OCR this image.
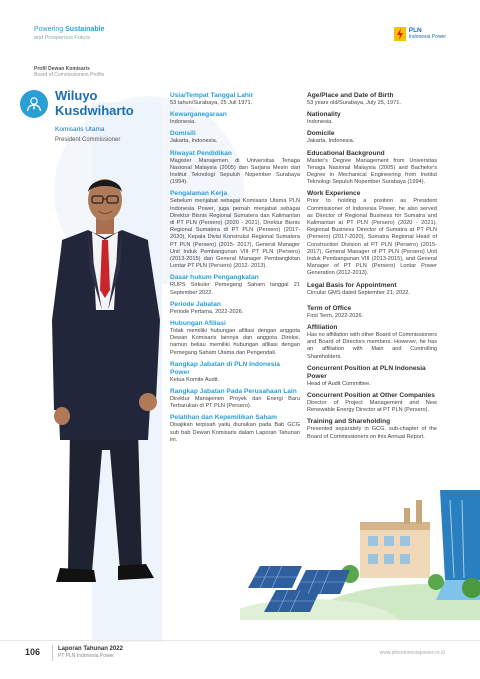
Powering Sustainable
and Prosperous Future
PLN
Indonesia Power
Profil Dewan Komisaris
Board of Commissioners Profile
Wiluyo
Kusdwiharto
Komisaris Utama
President Commissioner
Usia/Tempat Tanggal Lahir
53 tahun/Surabaya, 25 Juli 1971.
Kewarganegaraan
Indonesia.
Domisili
Jakarta, Indonesia.
Riwayat Pendidikan
Magister Manajemen di Universitas Tenaga Nasional Malaysia (2005) dan Sarjana Mesin dari Institut Teknologi Sepuluh Nopember Surabaya (1994).
Pengalaman Kerja
Sebelum menjabat sebagai Komisaris Utama PLN Indonesia Power, juga pernah menjabat sebagai Direktur Bisnis Regional Sumatera dan Kalimantan di PT PLN (Persero) (2020 - 2021), Direktur Bisnis Regional Sumatera di PT PLN (Persero) (2017-2020), Kepala Divisi Konstruksi Regional Sumatera PT PLN (Persero) (2015- 2017), General Manager Unit Induk Pembangunan VIII PT PLN (Persero) (2013-2015) dan General Manager Pembangkitan Lontar PT PLN (Persero) (2012- 2013).
Dasar hukum Pengangkatan
RUPS Sirkuler Pemegang Saham tanggal 21 September 2022.
Periode Jabatan
Periode Pertama, 2022-2026.
Hubungan Afiliasi
Tidak memiliki hubungan afiliasi dengan anggota Dewan Komisaris lainnya dan anggota Direksi, namun beliau memiliki hubungan afiliasi dengan Pemegang Saham Utama dan Pengendali.
Rangkap Jabatan di PLN Indonesia Power
Ketua Komite Audit.
Rangkap Jabatan Pada Perusahaan Lain
Direktur Manajemen Proyek dan Energi Baru Terbarukan di PT PLN (Persero).
Pelatihan dan Kepemilikan Saham
Disajikan terpisah yaitu diuraikan pada Bab GCG sub bab Dewan Komisaris dalam Laporan Tahunan ini.
Age/Place and Date of Birth
53 years old/Surabaya, July 25, 1971.
Nationality
Indonesia.
Domicile
Jakarta, Indonesia.
Educational Background
Master's Degree Management from Universitas Tenaga Nasional Malaysia (2005) and Bachelor's Degree in Mechanical Engineering from Institut Teknologi Sepuluh Nopember Surabaya (1994).
Work Experience
Prior to holding a position as President Commissioner of Indonesia Power, he also served as Director of Regional Business for Sumatra and Kalimantan at PT PLN (Persero) (2020 - 2021), Regional Business Director of Sumatra at PT PLN (Persero) (2017-2020), Sumatra Regional Head of Construction Division at PT PLN (Persero) (2015-2017), General Manager of PT PLN (Persero) Unit Induk Pembangunan VIII (2013-2015), and General Manager of PT PLN (Persero) Lontar Power Generation (2012-2013).
Legal Basis for Appointment
Circular GMS dated September 21, 2022.
Term of Office
First Term, 2022-2026.
Affiliation
Has no affiliation with other Board of Commissioners and Board of Directors members. However, he has an affiliation with Main and Controlling Shareholders.
Concurrent Position at PLN Indonesia Power
Head of Audit Committee.
Concurrent Position at Other Companies
Director of Project Management and New Renewable Energy Director at PT PLN (Persero).
Training and Shareholding
Presented separately in GCG, sub-chapter of the Board of Commissioners on this Annual Report.
106	Laporan Tahunan 2022
PT PLN Indonesia Power	www.plnindonesiapower.co.id
